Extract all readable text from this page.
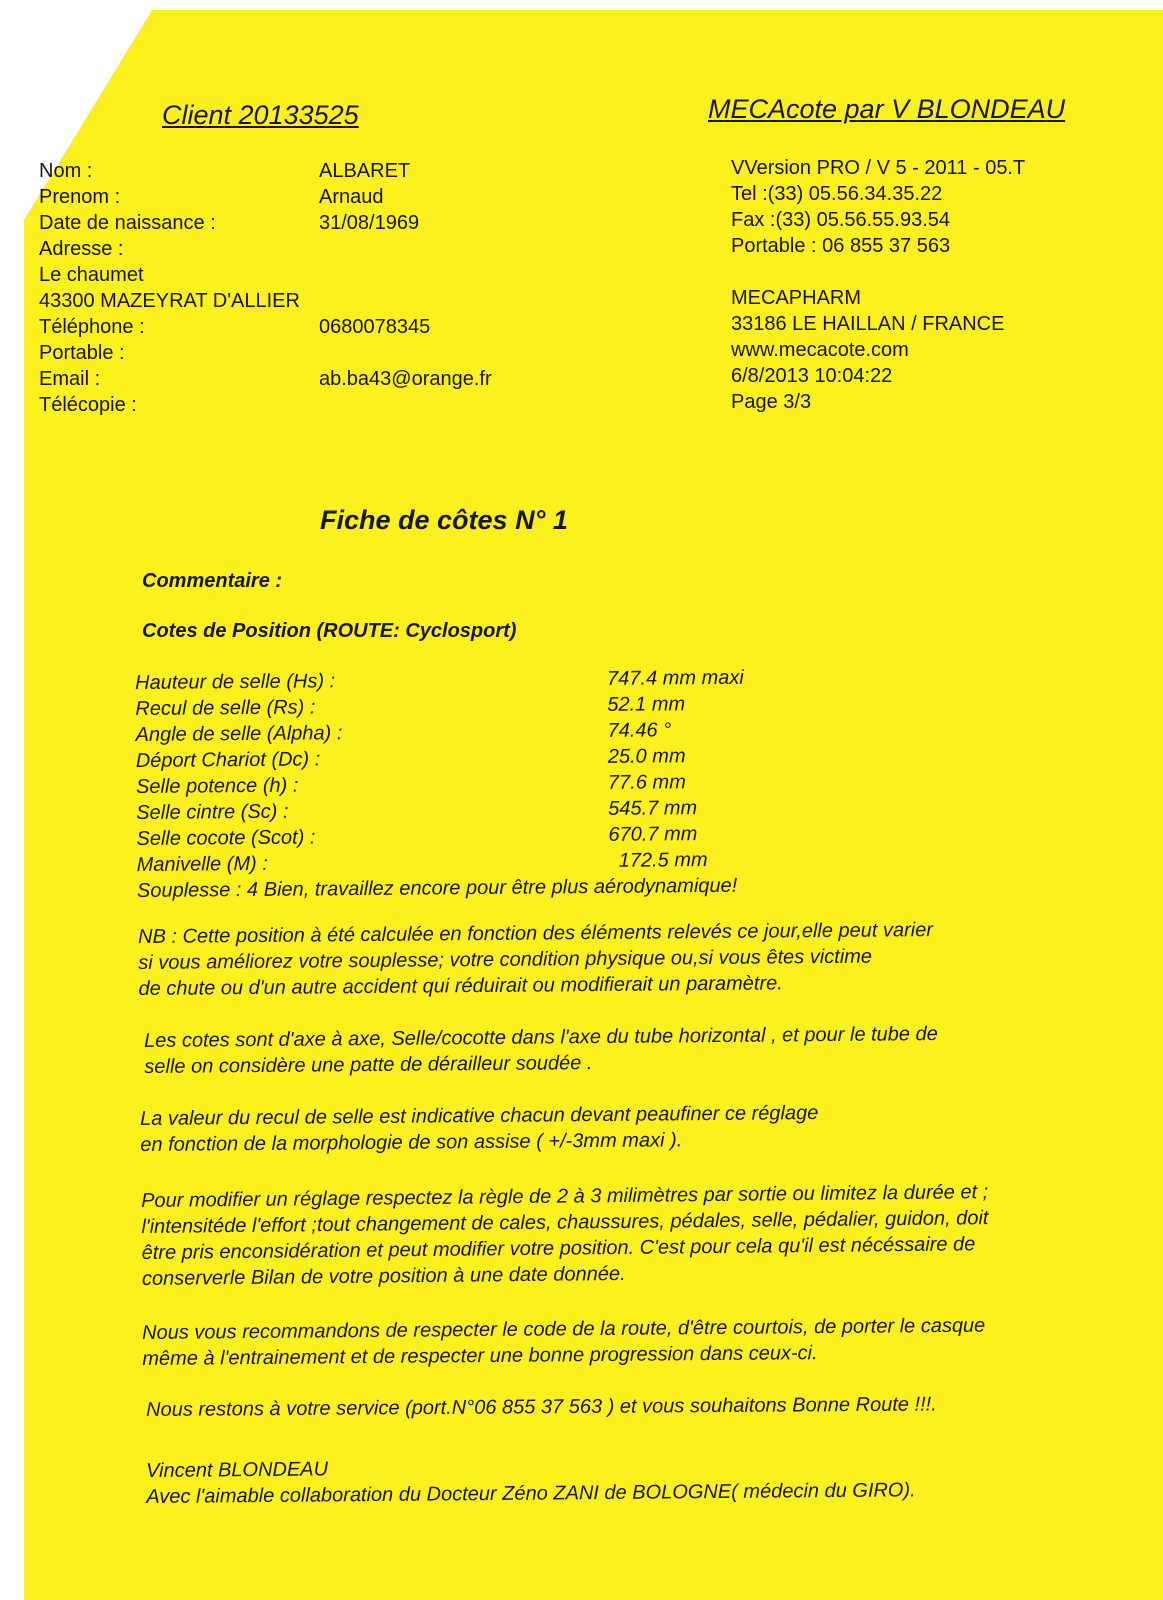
Client 20133525	MECAcote par V BLONDEAU
Nom :	ALBARET
Prenom :	Arnaud
Date de naissance :	31/08/1969
Adresse :
Le chaumet
43300 MAZEYRAT D'ALLIER
Téléphone :	0680078345
Portable :
Email :	ab.ba43@orange.fr
Télécopie :
VVersion PRO / V 5 - 2011 - 05.T
Tel :(33) 05.56.34.35.22
Fax :(33) 05.56.55.93.54
Portable : 06 855 37 563
MECAPHARM
33186 LE HAILLAN / FRANCE
www.mecacote.com
6/8/2013 10:04:22
Page 3/3
Fiche de côtes N° 1
Commentaire :
Cotes de Position (ROUTE: Cyclosport)
Hauteur de selle (Hs) :	747.4 mm maxi
Recul de selle (Rs) :	52.1 mm
Angle de selle (Alpha) :	74.46 °
Déport Chariot (Dc) :	25.0 mm
Selle potence (h) :	77.6 mm
Selle cintre (Sc) :	545.7 mm
Selle cocote (Scot) :	670.7 mm
Manivelle (M) :	172.5 mm
Souplesse : 4 Bien, travaillez encore pour être plus aérodynamique!
NB : Cette position à été calculée en fonction des éléments relevés ce jour,elle peut varier
si vous améliorez votre souplesse; votre condition physique ou,si vous êtes victime
de chute ou d'un autre accident qui réduirait ou modifierait un paramètre.
Les cotes sont d'axe à axe, Selle/cocotte dans l'axe du tube horizontal , et pour le tube de
selle on considère une patte de dérailleur soudée .
La valeur du recul de selle est indicative chacun devant peaufiner ce réglage
en fonction de la morphologie de son assise ( +/-3mm maxi ).
Pour modifier un réglage respectez la règle de 2 à 3 milimètres par sortie ou limitez la durée et ;
l'intensitéde l'effort ;tout changement de cales, chaussures, pédales, selle, pédalier, guidon, doit
être pris enconsidération et peut modifier votre position. C'est pour cela qu'il est nécéssaire de
conserverle Bilan de votre position à une date donnée.
Nous vous recommandons de respecter le code de la route, d'être courtois, de porter le casque
même à l'entrainement et de respecter une bonne progression dans ceux-ci.
Nous restons à votre service (port.N°06 855 37 563 ) et vous souhaitons Bonne Route !!!.
Vincent BLONDEAU
Avec l'aimable collaboration du Docteur Zéno ZANI de BOLOGNE( médecin du GIRO).
